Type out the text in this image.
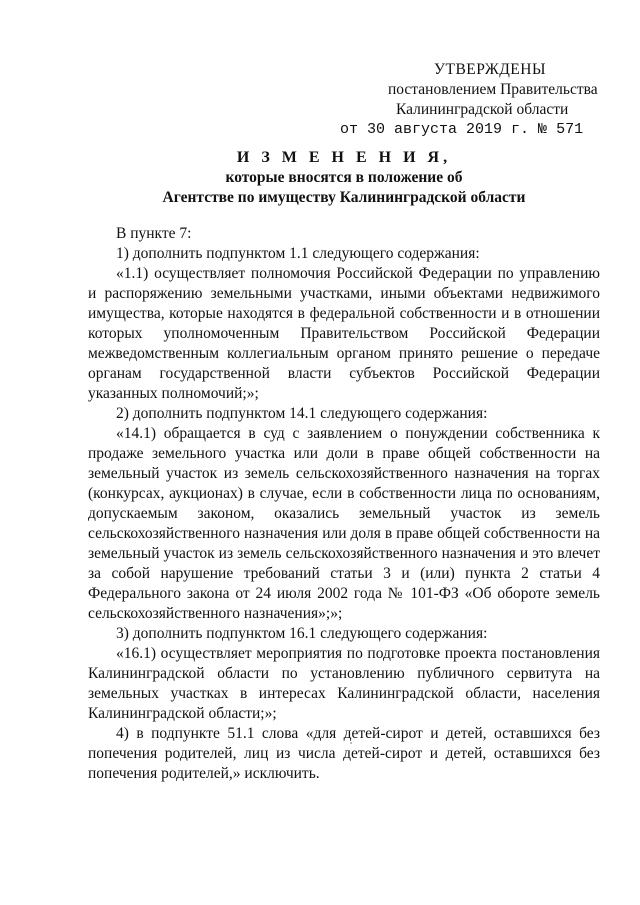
УТВЕРЖДЕНЫ
постановлением Правительства
Калининградской области
от 30 августа 2019 г. № 571
И З М Е Н Е Н И Я,
которые вносятся в положение об
Агентстве по имуществу Калининградской области

В пункте 7:

1) дополнить подпунктом 1.1 следующего содержания:

«1.1) осуществляет полномочия Российской Федерации по управлению и распоряжению земельными участками, иными объектами недвижимого имущества, которые находятся в федеральной собственности и в отношении которых уполномоченным Правительством Российской Федерации межведомственным коллегиальным органом принято решение о передаче органам государственной власти субъектов Российской Федерации указанных полномочий;»;

2) дополнить подпунктом 14.1 следующего содержания:

«14.1) обращается в суд с заявлением о понуждении собственника к продаже земельного участка или доли в праве общей собственности на земельный участок из земель сельскохозяйственного назначения на торгах (конкурсах, аукционах) в случае, если в собственности лица по основаниям, допускаемым законом, оказались земельный участок из земель сельскохозяйственного назначения или доля в праве общей собственности на земельный участок из земель сельскохозяйственного назначения и это влечет за собой нарушение требований статьи 3 и (или) пункта 2 статьи 4 Федерального закона от 24 июля 2002 года № 101-ФЗ «Об обороте земель сельскохозяйственного назначения»;»;

3) дополнить подпунктом 16.1 следующего содержания:

«16.1) осуществляет мероприятия по подготовке проекта постановления Калининградской области по установлению публичного сервитута на земельных участках в интересах Калининградской области, населения Калининградской области;»;

4) в подпункте 51.1 слова «для детей-сирот и детей, оставшихся без попечения родителей, лиц из числа детей-сирот и детей, оставшихся без попечения родителей,» исключить.
